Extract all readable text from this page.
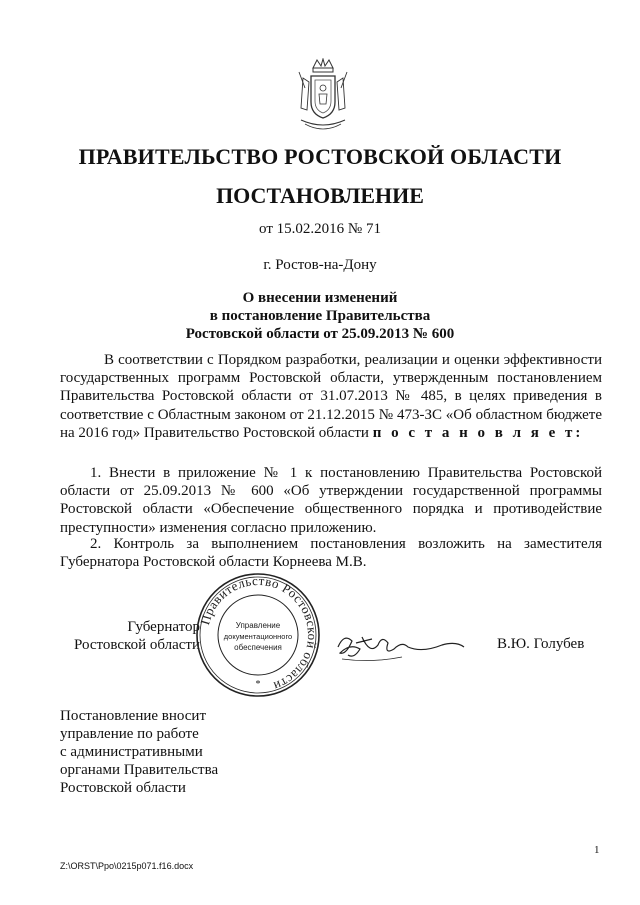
ПРАВИТЕЛЬСТВО РОСТОВСКОЙ ОБЛАСТИ
ПОСТАНОВЛЕНИЕ
от 15.02.2016 № 71
г. Ростов-на-Дону
О внесении изменений
в постановление Правительства
Ростовской области от 25.09.2013 № 600
В соответствии с Порядком разработки, реализации и оценки эффективности государственных программ Ростовской области, утвержденным постановлением Правительства Ростовской области от 31.07.2013 № 485, в целях приведения в соответствие с Областным законом от 21.12.2015 № 473-ЗС «Об областном бюджете на 2016 год» Правительство Ростовской области п о с т а н о в л я е т:
1. Внести в приложение № 1 к постановлению Правительства Ростовской области от 25.09.2013 № 600 «Об утверждении государственной программы Ростовской области «Обеспечение общественного порядка и противодействие преступности» изменения согласно приложению.
2. Контроль за выполнением постановления возложить на заместителя Губернатора Ростовской области Корнеева М.В.
Губернатор
Ростовской области
Правительство Ростовской области
Управление
документационного
обеспечения
*
В.Ю. Голубев
Постановление вносит
управление по работе
с административными
органами Правительства
Ростовской области
1
Z:\ORST\Ppo\0215p071.f16.docx
